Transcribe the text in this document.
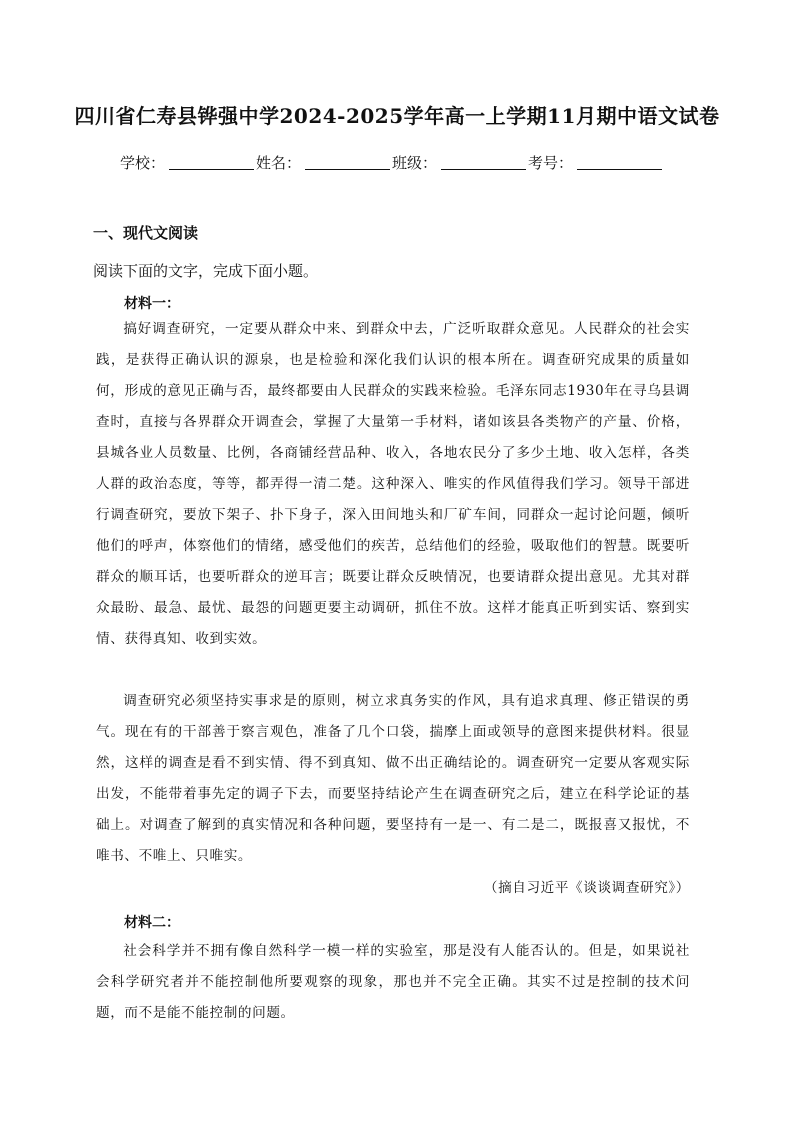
四川省仁寿县铧强中学2024-2025学年高一上学期11月期中语文试卷
学校：	姓名：	班级：	考号：
一、现代文阅读
阅读下面的文字，完成下面小题。
材料一：

搞好调查研究，一定要从群众中来、到群众中去，广泛听取群众意见。人民群众的社会实践，是获得正确认识的源泉，也是检验和深化我们认识的根本所在。调查研究成果的质量如何，形成的意见正确与否，最终都要由人民群众的实践来检验。毛泽东同志1930年在寻乌县调查时，直接与各界群众开调查会，掌握了大量第一手材料，诸如该县各类物产的产量、价格，县城各业人员数量、比例，各商铺经营品种、收入，各地农民分了多少土地、收入怎样，各类人群的政治态度，等等，都弄得一清二楚。这种深入、唯实的作风值得我们学习。领导干部进行调查研究，要放下架子、扑下身子，深入田间地头和厂矿车间，同群众一起讨论问题，倾听他们的呼声，体察他们的情绪，感受他们的疾苦，总结他们的经验，吸取他们的智慧。既要听群众的顺耳话，也要听群众的逆耳言；既要让群众反映情况，也要请群众提出意见。尤其对群众最盼、最急、最忧、最怨的问题更要主动调研，抓住不放。这样才能真正听到实话、察到实情、获得真知、收到实效。

调查研究必须坚持实事求是的原则，树立求真务实的作风，具有追求真理、修正错误的勇气。现在有的干部善于察言观色，准备了几个口袋，揣摩上面或领导的意图来提供材料。很显然，这样的调查是看不到实情、得不到真知、做不出正确结论的。调查研究一定要从客观实际出发，不能带着事先定的调子下去，而要坚持结论产生在调查研究之后，建立在科学论证的基础上。对调查了解到的真实情况和各种问题，要坚持有一是一、有二是二，既报喜又报忧，不唯书、不唯上、只唯实。

（摘自习近平《谈谈调查研究》）
材料二：

社会科学并不拥有像自然科学一模一样的实验室，那是没有人能否认的。但是，如果说社会科学研究者并不能控制他所要观察的现象，那也并不完全正确。其实不过是控制的技术问题，而不是能不能控制的问题。
